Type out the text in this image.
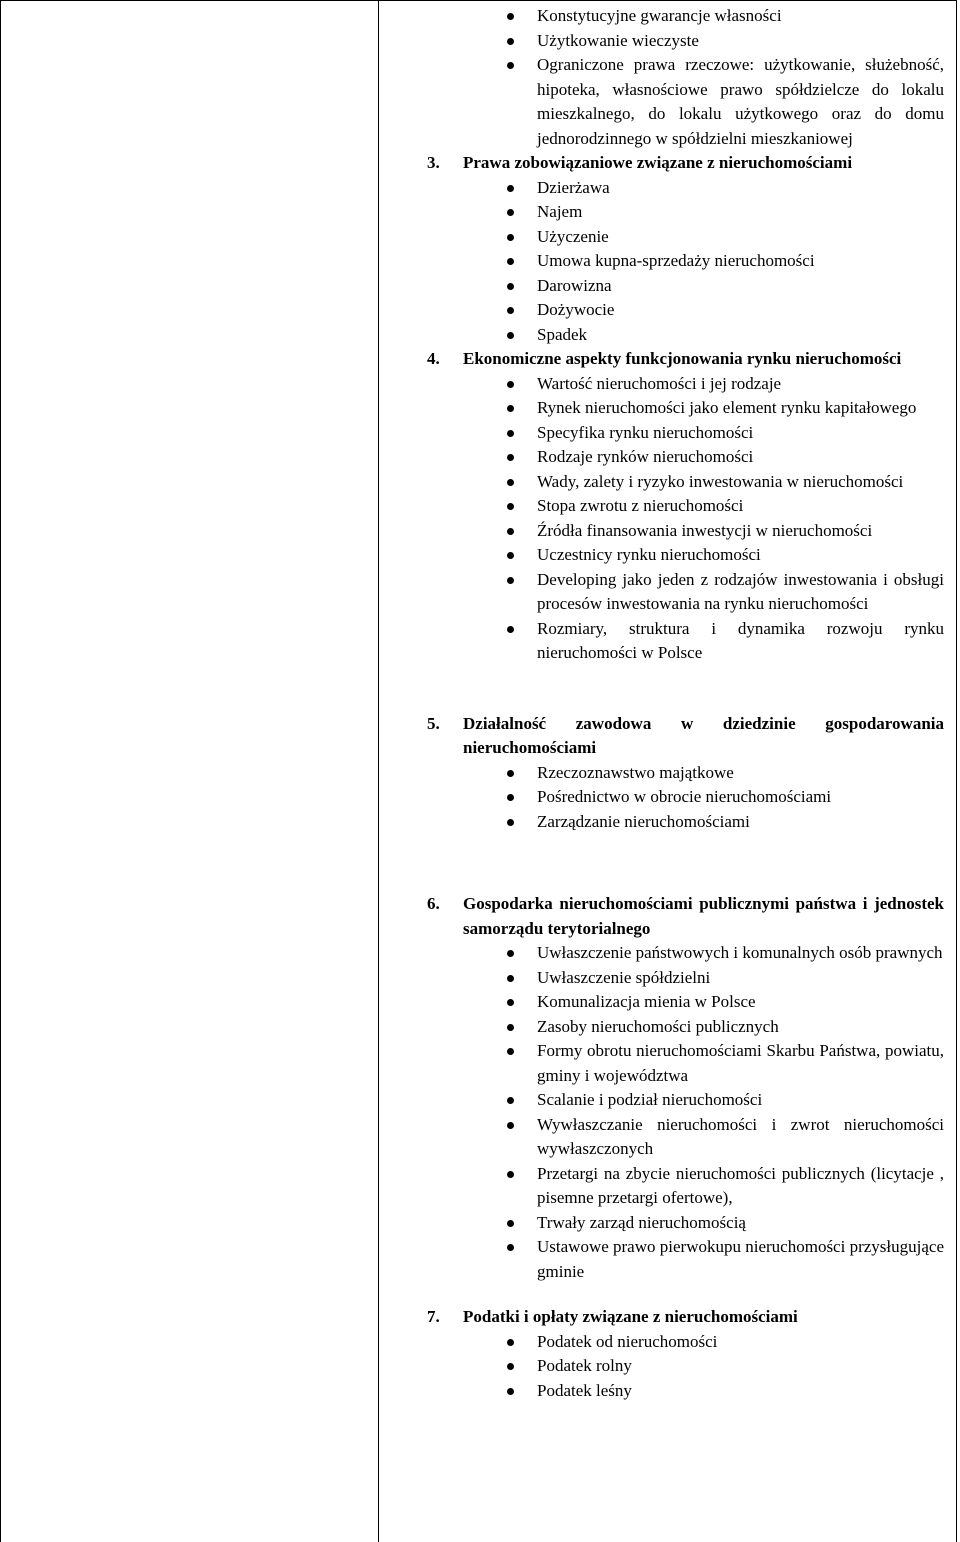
Konstytucyjne gwarancje własności
Użytkowanie wieczyste
Ograniczone prawa rzeczowe: użytkowanie, służebność, hipoteka, własnościowe prawo spółdzielcze do lokalu mieszkalnego, do lokalu użytkowego oraz do domu jednorodzinnego w spółdzielni mieszkaniowej
3. Prawa zobowiązaniowe związane z nieruchomościami
Dzierżawa
Najem
Użyczenie
Umowa kupna-sprzedaży nieruchomości
Darowizna
Dożywocie
Spadek
4. Ekonomiczne aspekty funkcjonowania rynku nieruchomości
Wartość nieruchomości i jej rodzaje
Rynek nieruchomości jako element rynku kapitałowego
Specyfika rynku nieruchomości
Rodzaje rynków nieruchomości
Wady, zalety i ryzyko inwestowania w nieruchomości
Stopa zwrotu z nieruchomości
Źródła finansowania inwestycji w nieruchomości
Uczestnicy rynku nieruchomości
Developing jako jeden z rodzajów inwestowania i obsługi procesów inwestowania na rynku nieruchomości
Rozmiary, struktura i dynamika rozwoju rynku nieruchomości w Polsce
5. Działalność zawodowa w dziedzinie gospodarowania nieruchomościami
Rzeczoznawstwo majątkowe
Pośrednictwo w obrocie nieruchomościami
Zarządzanie nieruchomościami
6. Gospodarka nieruchomościami publicznymi państwa i jednostek samorządu terytorialnego
Uwłaszczenie państwowych i komunalnych osób prawnych
Uwłaszczenie spółdzielni
Komunalizacja mienia w Polsce
Zasoby nieruchomości publicznych
Formy obrotu nieruchomościami Skarbu Państwa, powiatu, gminy i województwa
Scalanie i podział nieruchomości
Wywłaszczanie nieruchomości i zwrot nieruchomości wywłaszczonych
Przetargi na zbycie nieruchomości publicznych (licytacje , pisemne przetargi ofertowe),
Trwały zarząd nieruchomością
Ustawowe prawo pierwokupu nieruchomości przysługujące gminie
7. Podatki i opłaty związane z nieruchomościami
Podatek od nieruchomości
Podatek rolny
Podatek leśny
